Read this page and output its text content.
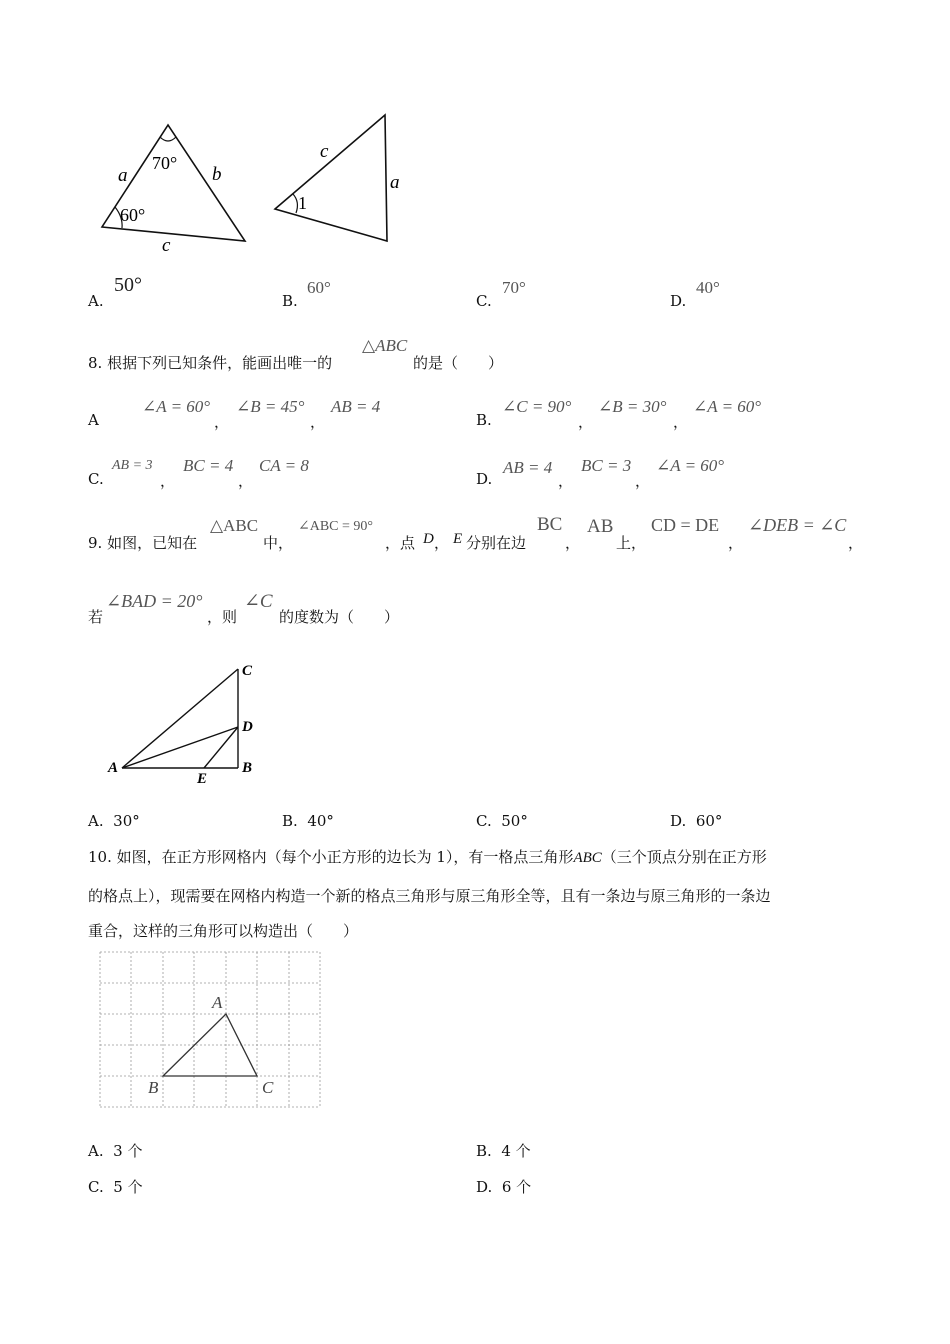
70°
60°
a	b
c
c
a
1
A.
50°
B.
60°
C.
70°
D.
40°
8. 根据下列已知条件，能画出唯一的
△ABC
的是（　　）
A
∠A = 60°
，
∠B = 45°
，
AB = 4
B.
∠C = 90°
，
∠B = 30°
，
∠A = 60°
C.
AB = 3
，
BC = 4
，
CA = 8
D.
AB = 4
，
BC = 3
，
∠A = 60°
9. 如图，已知在
△ABC
中，
∠ABC = 90°
，点 D ， E 分别在边
BC
，
AB
上，
CD = DE
，
∠DEB = ∠C
，
若
∠BAD = 20°
，则
∠C
的度数为（　　）
C
D
A
E
B
A. 30°	B. 40°	C. 50°	D. 60°
10. 如图，在正方形网格内（每个小正方形的边长为 1），有一格点三角形ABC（三个顶点分别在正方形
的格点上），现需要在网格内构造一个新的格点三角形与原三角形全等，且有一条边与原三角形的一条边
重合，这样的三角形可以构造出（　　）
A
B	C
A. 3 个	B. 4 个
C. 5 个	D. 6 个
